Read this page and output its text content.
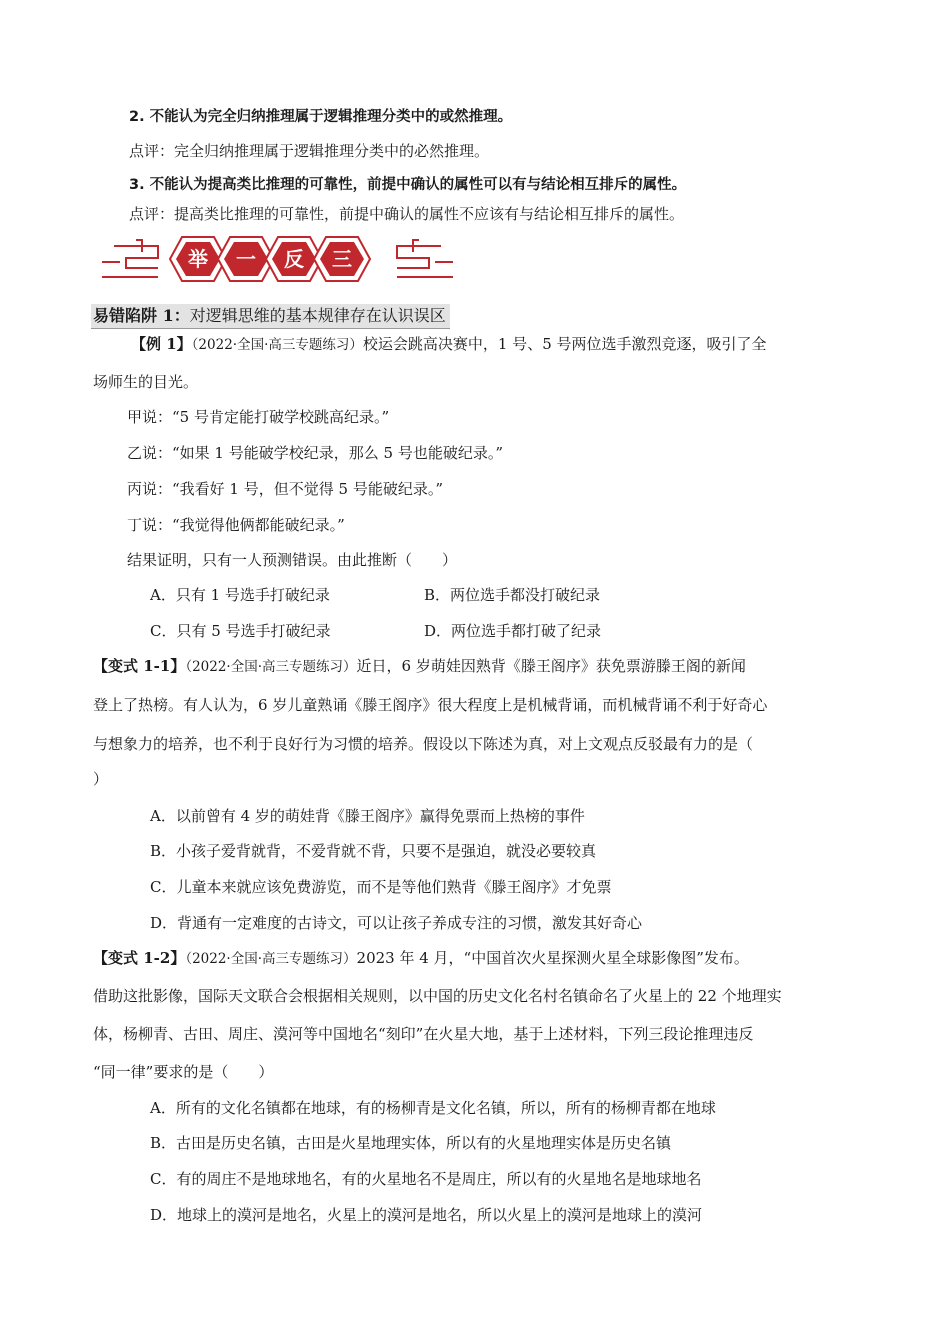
2. 不能认为完全归纳推理属于逻辑推理分类中的或然推理。
点评：完全归纳推理属于逻辑推理分类中的必然推理。
3. 不能认为提高类比推理的可靠性，前提中确认的属性可以有与结论相互排斥的属性。
点评：提高类比推理的可靠性，前提中确认的属性不应该有与结论相互排斥的属性。
举 一 反 三
易错陷阱 1：对逻辑思维的基本规律存在认识误区
【例 1】（2022·全国·高三专题练习）校运会跳高决赛中，1 号、5 号两位选手激烈竞逐，吸引了全
场师生的目光。
甲说：“5 号肯定能打破学校跳高纪录。”
乙说：“如果 1 号能破学校纪录，那么 5 号也能破纪录。”
丙说：“我看好 1 号，但不觉得 5 号能破纪录。”
丁说：“我觉得他俩都能破纪录。”
结果证明，只有一人预测错误。由此推断（　　）
A．只有 1 号选手打破纪录	B．两位选手都没打破纪录
C．只有 5 号选手打破纪录	D．两位选手都打破了纪录
【变式 1-1】（2022·全国·高三专题练习）近日，6 岁萌娃因熟背《滕王阁序》获免票游滕王阁的新闻
登上了热榜。有人认为，6 岁儿童熟诵《滕王阁序》很大程度上是机械背诵，而机械背诵不利于好奇心
与想象力的培养，也不利于良好行为习惯的培养。假设以下陈述为真，对上文观点反驳最有力的是（
）
A．以前曾有 4 岁的萌娃背《滕王阁序》赢得免票而上热榜的事件
B．小孩子爱背就背，不爱背就不背，只要不是强迫，就没必要较真
C．儿童本来就应该免费游览，而不是等他们熟背《滕王阁序》才免票
D．背通有一定难度的古诗文，可以让孩子养成专注的习惯，激发其好奇心
【变式 1-2】（2022·全国·高三专题练习）2023 年 4 月，“中国首次火星探测火星全球影像图”发布。
借助这批影像，国际天文联合会根据相关规则，以中国的历史文化名村名镇命名了火星上的 22 个地理实
体，杨柳青、古田、周庄、漠河等中国地名“刻印”在火星大地，基于上述材料，下列三段论推理违反
“同一律”要求的是（　　）
A．所有的文化名镇都在地球，有的杨柳青是文化名镇，所以，所有的杨柳青都在地球
B．古田是历史名镇，古田是火星地理实体，所以有的火星地理实体是历史名镇
C．有的周庄不是地球地名，有的火星地名不是周庄，所以有的火星地名是地球地名
D．地球上的漠河是地名，火星上的漠河是地名，所以火星上的漠河是地球上的漠河
